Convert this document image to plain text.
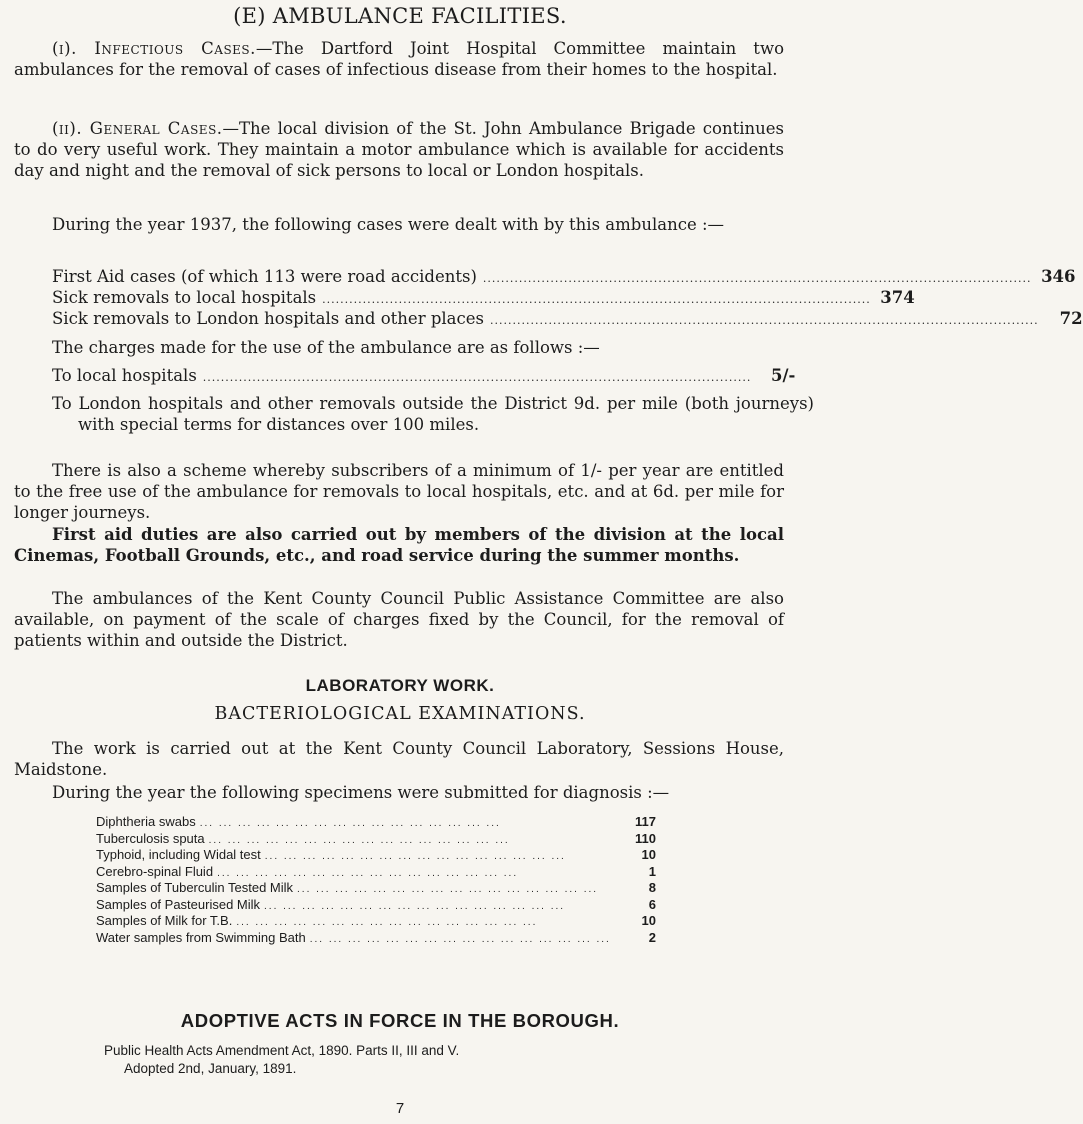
(E) AMBULANCE FACILITIES.
(i). Infectious Cases.—The Dartford Joint Hospital Committee maintain two ambulances for the removal of cases of infectious disease from their homes to the hospital.
(ii). General Cases.—The local division of the St. John Ambulance Brigade continues to do very useful work. They maintain a motor ambulance which is available for accidents day and night and the removal of sick persons to local or London hospitals.
During the year 1937, the following cases were dealt with by this ambulance :—
First Aid cases (of which 113 were road accidents) .......................................................................................................................... 346
Sick removals to local hospitals .......................................................................................................................... 374
Sick removals to London hospitals and other places ..........................................................................................................................	72
The charges made for the use of the ambulance are as follows :—
To local hospitals ..........................................................................................................................	5/-
To London hospitals and other removals outside the District 9d. per mile (both journeys) with special terms for distances over 100 miles.
There is also a scheme whereby subscribers of a minimum of 1/- per year are entitled to the free use of the ambulance for removals to local hospitals, etc. and at 6d. per mile for longer journeys.
First aid duties are also carried out by members of the division at the local Cinemas, Football Grounds, etc., and road service during the summer months.
The ambulances of the Kent County Council Public Assistance Committee are also available, on payment of the scale of charges fixed by the Council, for the removal of patients within and outside the District.
LABORATORY WORK.
BACTERIOLOGICAL EXAMINATIONS.
The work is carried out at the Kent County Council Laboratory, Sessions House, Maidstone.
During the year the following specimens were submitted for diagnosis :—
Diphtheria swabs ... ... ... ... ... ... ... ... ... ... ... ... ... ... ... ...	117
Tuberculosis sputa ... ... ... ... ... ... ... ... ... ... ... ... ... ... ... ...	110
Typhoid, including Widal test ... ... ... ... ... ... ... ... ... ... ... ... ... ... ... ...	10
Cerebro-spinal Fluid ... ... ... ... ... ... ... ... ... ... ... ... ... ... ... ...	1
Samples of Tuberculin Tested Milk ... ... ... ... ... ... ... ... ... ... ... ... ... ... ... ...	8
Samples of Pasteurised Milk ... ... ... ... ... ... ... ... ... ... ... ... ... ... ... ...	6
Samples of Milk for T.B. ... ... ... ... ... ... ... ... ... ... ... ... ... ... ... ...	10
Water samples from Swimming Bath ... ... ... ... ... ... ... ... ... ... ... ... ... ... ... ...	2
ADOPTIVE ACTS IN FORCE IN THE BOROUGH.
Public Health Acts Amendment Act, 1890. Parts II, III and V.
Adopted 2nd, January, 1891.
7
